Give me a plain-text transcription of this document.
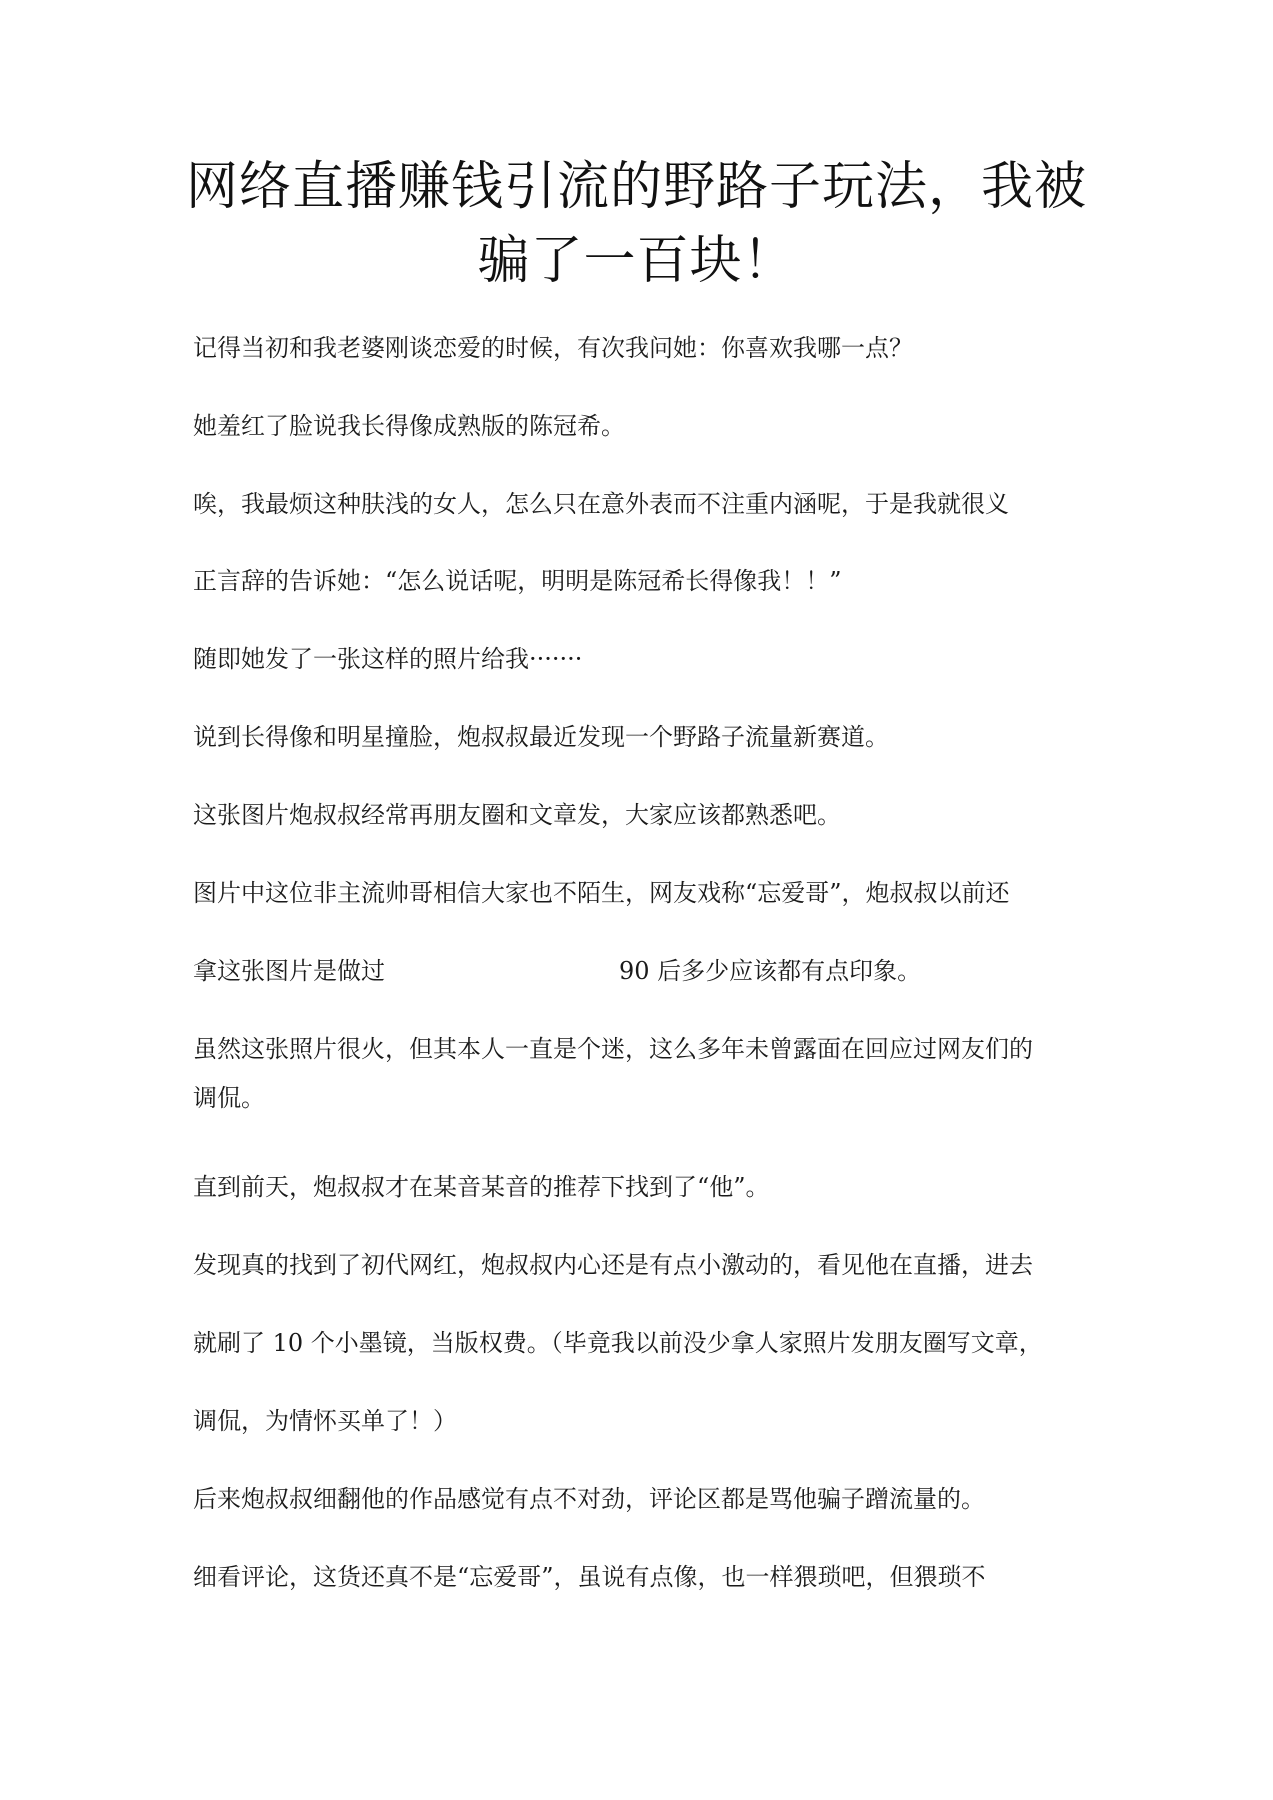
网络直播赚钱引流的野路子玩法，我被
骗了一百块！

记得当初和我老婆刚谈恋爱的时候，有次我问她：你喜欢我哪一点？

她羞红了脸说我长得像成熟版的陈冠希。

唉，我最烦这种肤浅的女人，怎么只在意外表而不注重内涵呢，于是我就很义

正言辞的告诉她：“怎么说话呢，明明是陈冠希长得像我！！”

随即她发了一张这样的照片给我·······

说到长得像和明星撞脸，炮叔叔最近发现一个野路子流量新赛道。

这张图片炮叔叔经常再朋友圈和文章发，大家应该都熟悉吧。

图片中这位非主流帅哥相信大家也不陌生，网友戏称“忘爱哥”，炮叔叔以前还

拿这张图片是做过	90 后多少应该都有点印象。

虽然这张照片很火，但其本人一直是个迷，这么多年未曾露面在回应过网友们的

调侃。

直到前天，炮叔叔才在某音某音的推荐下找到了“他”。

发现真的找到了初代网红，炮叔叔内心还是有点小激动的，看见他在直播，进去

就刷了 10 个小墨镜，当版权费。（毕竟我以前没少拿人家照片发朋友圈写文章，

调侃，为情怀买单了！）

后来炮叔叔细翻他的作品感觉有点不对劲，评论区都是骂他骗子蹭流量的。

细看评论，这货还真不是“忘爱哥”，虽说有点像，也一样猥琐吧，但猥琐不
